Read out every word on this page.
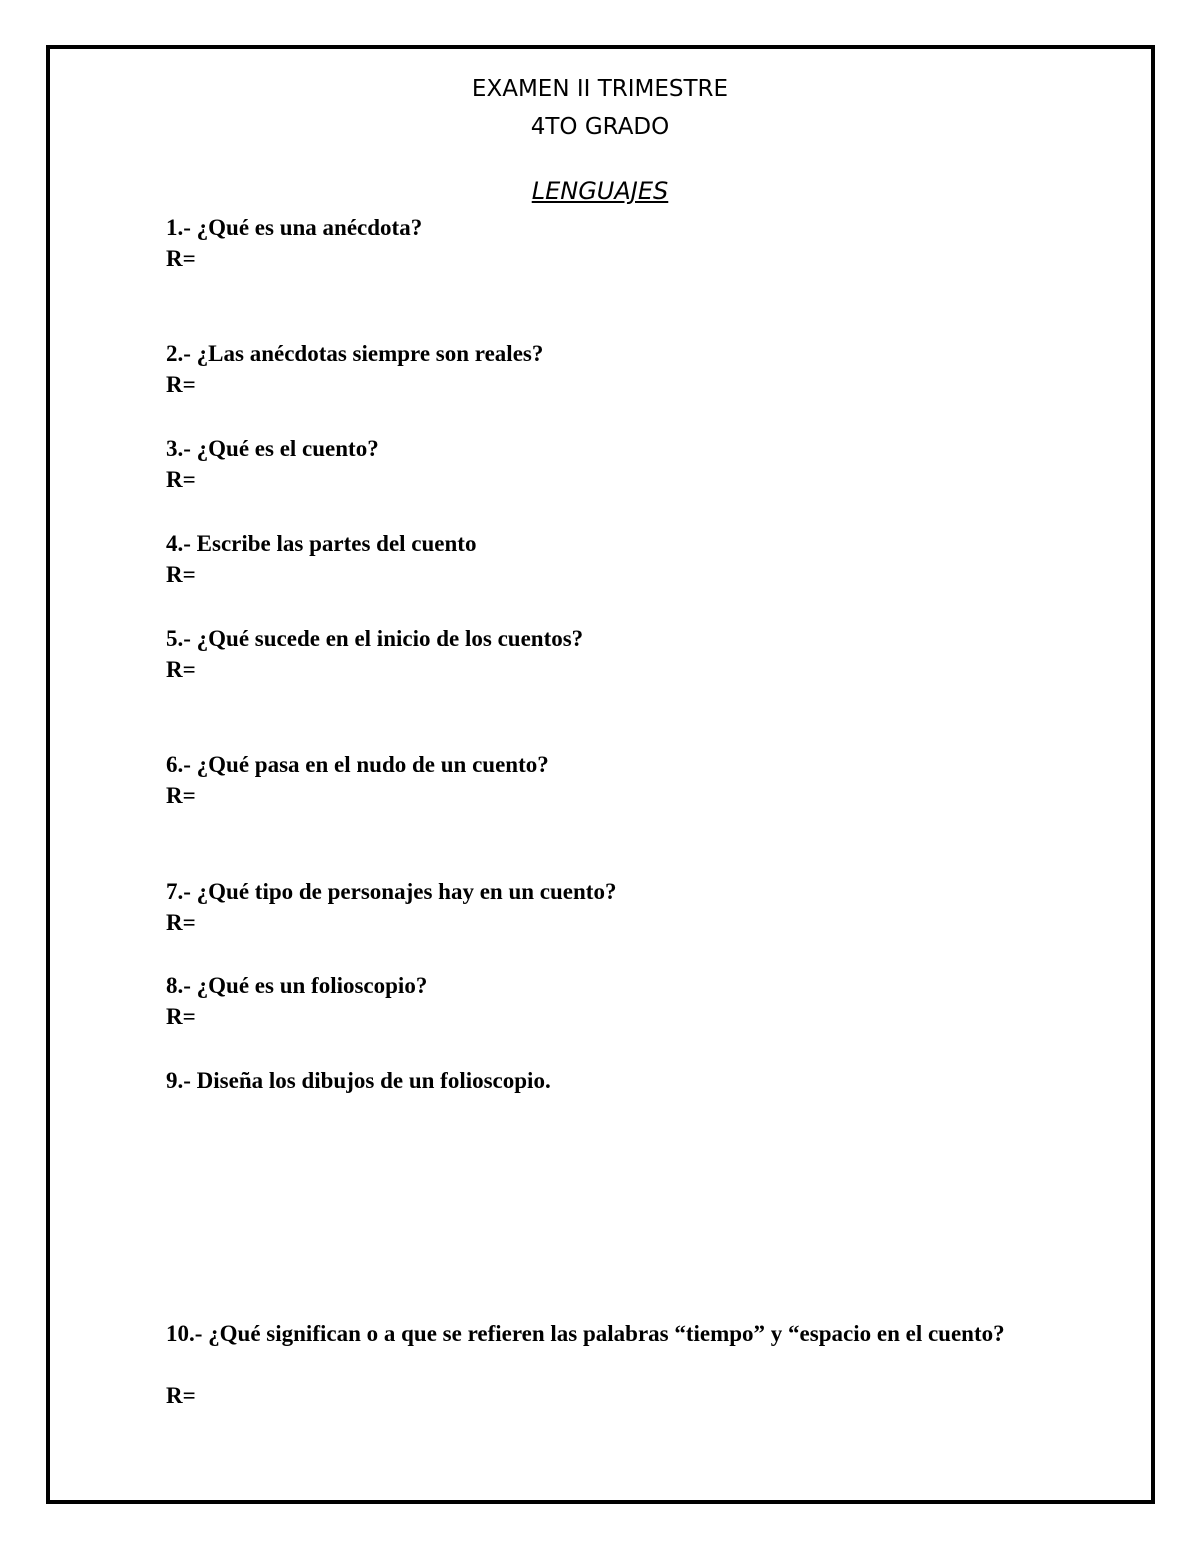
EXAMEN II TRIMESTRE
4TO GRADO
LENGUAJES
1.- ¿Qué es una anécdota?
R=
2.- ¿Las anécdotas siempre son reales?
R=
3.- ¿Qué es el cuento?
R=
4.- Escribe las partes del cuento
R=
5.- ¿Qué sucede en el inicio de los cuentos?
R=
6.- ¿Qué pasa en el nudo de un cuento?
R=
7.- ¿Qué tipo de personajes hay en un cuento?
R=
8.- ¿Qué es un folioscopio?
R=
9.- Diseña los dibujos de un folioscopio.
10.- ¿Qué significan o a que se refieren las palabras “tiempo” y “espacio en el cuento?
R=
